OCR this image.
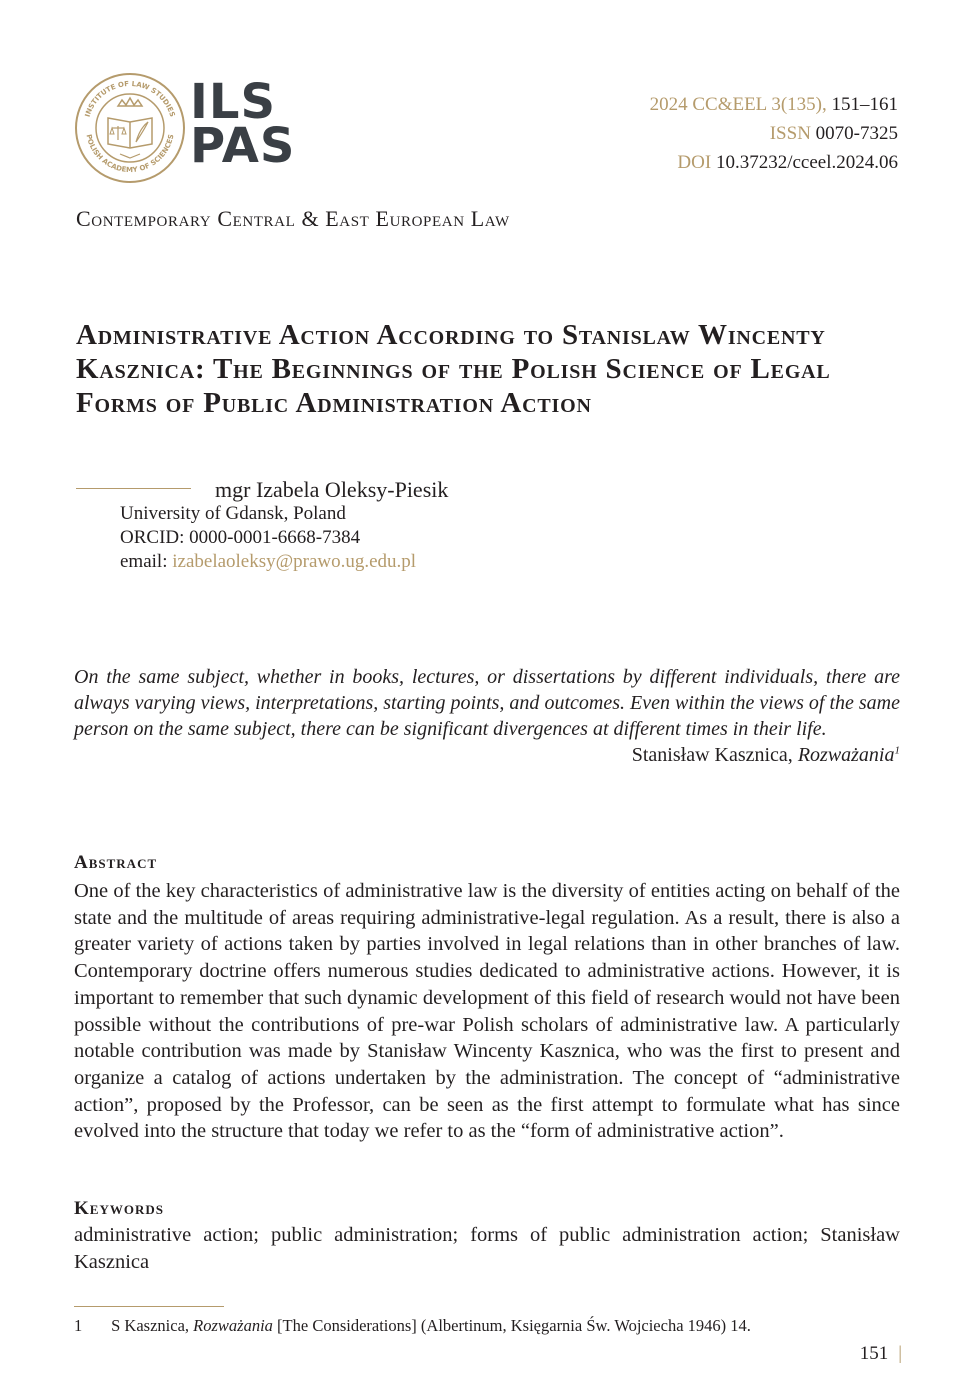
INSTITUTE OF LAW STUDIES
POLISH ACADEMY OF SCIENCES
ILS
PAS
2024 CC&EEL 3(135), 151–161
ISSN 0070-7325
DOI 10.37232/cceel.2024.06
Contemporary Central & East European Law
Administrative Action According to Stanislaw Wincenty Kasznica: The Beginnings of the Polish Science of Legal Forms of Public Administration Action
mgr Izabela Oleksy-Piesik
University of Gdansk, Poland
ORCID: 0000-0001-6668-7384
email: izabelaoleksy@prawo.ug.edu.pl
On the same subject, whether in books, lectures, or dissertations by different individuals, there are always varying views, interpretations, starting points, and outcomes. Even within the views of the same person on the same subject, there can be significant divergences at different times in their life.
Stanisław Kasznica, Rozważania$^1$
Abstract
One of the key characteristics of administrative law is the diversity of entities acting on behalf of the state and the multitude of areas requiring administrative-legal regulation. As a result, there is also a greater variety of actions taken by parties involved in legal relations than in other branches of law. Contemporary doctrine offers numerous studies dedicated to administrative actions. However, it is important to remember that such dynamic development of this field of research would not have been possible without the contributions of pre-war Polish scholars of administrative law. A particularly notable contribution was made by Stanisław Wincenty Kasznica, who was the first to present and organize a catalog of actions undertaken by the administration. The concept of “administrative action”, proposed by the Professor, can be seen as the first attempt to formulate what has since evolved into the structure that today we refer to as the “form of administrative action”.
Keywords
administrative action; public administration; forms of public administration action; Stanisław Kasznica
1 S Kasznica, Rozważania [The Considerations] (Albertinum, Księgarnia Św. Wojciecha 1946) 14.
151 |
